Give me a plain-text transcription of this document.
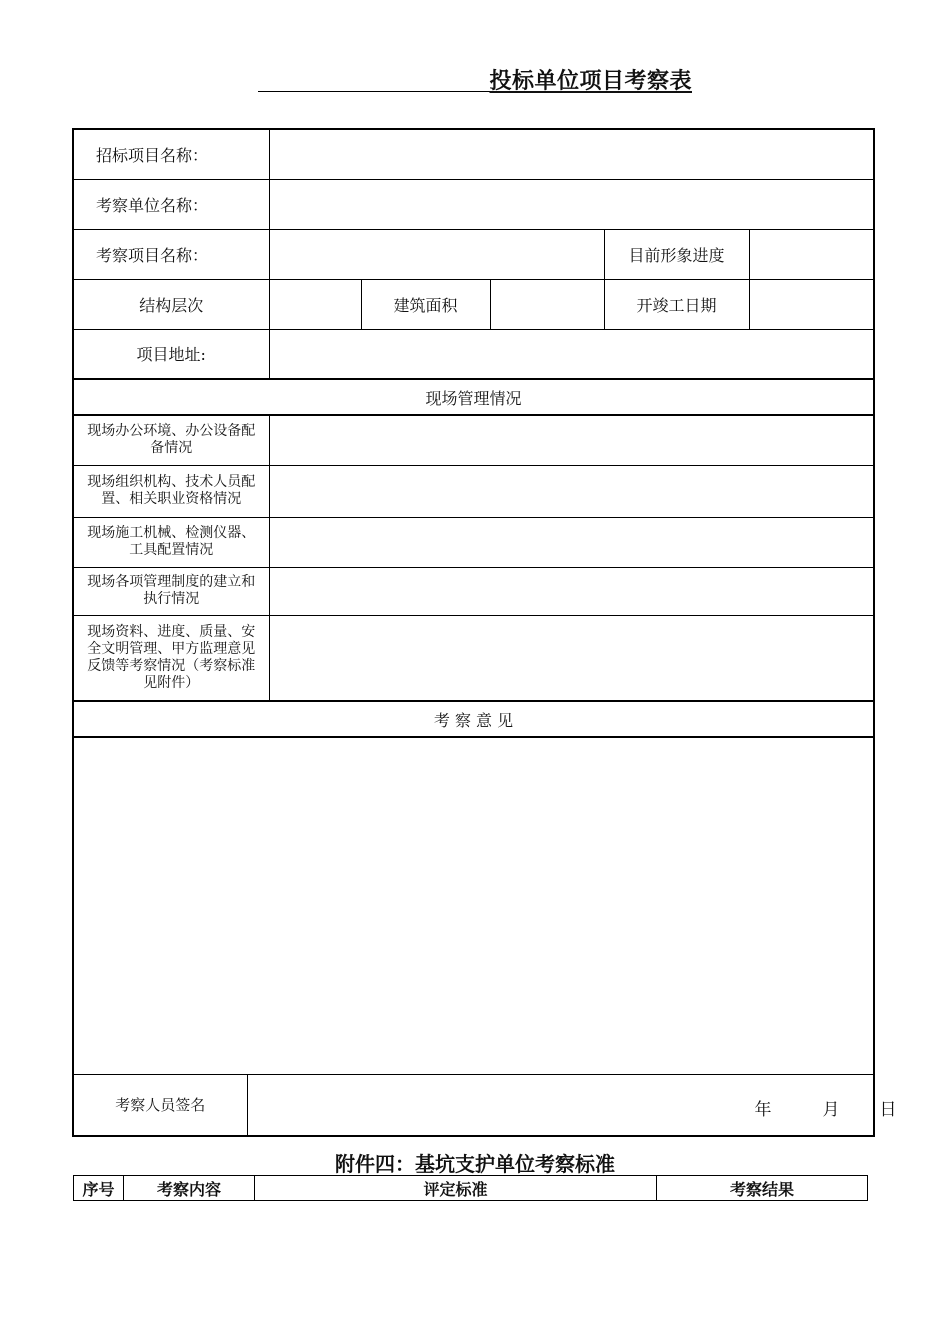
投标单位项目考察表
招标项目名称：						
考察单位名称：						
考察项目名称：					目前形象进度	
结构层次			建筑面积		开竣工日期	
项目地址:						
现场管理情况						
现场办公环境、办公设备配备情况						
现场组织机构、技术人员配置、相关职业资格情况						
现场施工机械、检测仪器、工具配置情况						
现场各项管理制度的建立和执行情况						
现场资料、进度、质量、安全文明管理、甲方监理意见反馈等考察情况（考察标准见附件）						
考 察 意 见						

考察人员签名	年 月 日					
附件四：基坑支护单位考察标准
序号	考察内容	评定标准	考察结果
